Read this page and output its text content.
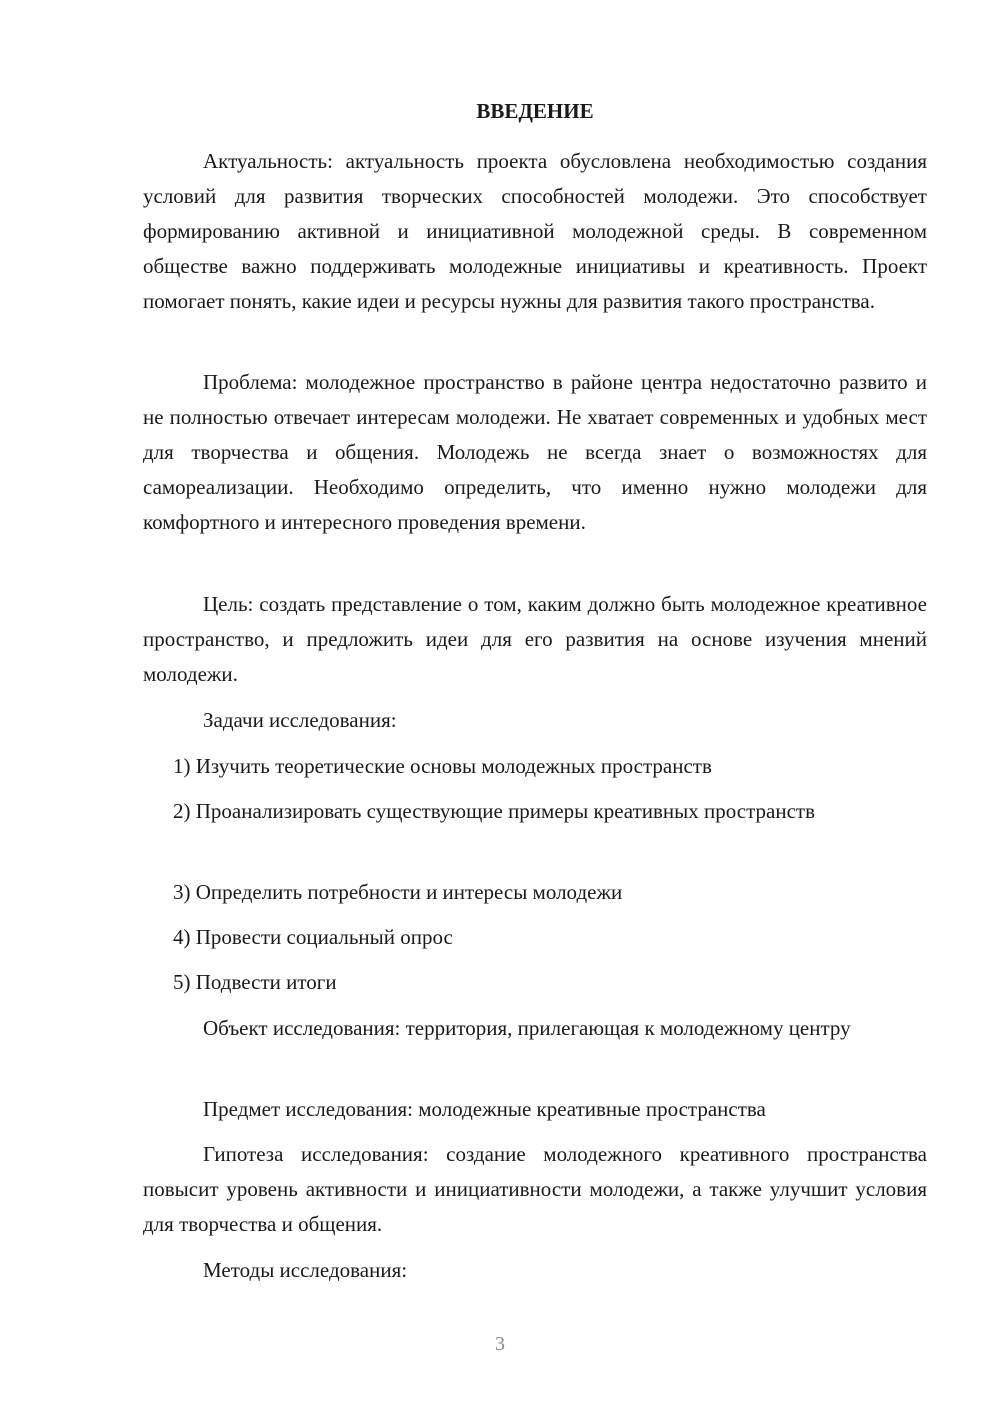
ВВЕДЕНИЕ

Актуальность: актуальность проекта обусловлена необходимостью создания условий для развития творческих способностей молодежи. Это способствует формированию активной и инициативной молодежной среды. В современном обществе важно поддерживать молодежные инициативы и креативность. Проект помогает понять, какие идеи и ресурсы нужны для развития такого пространства.

Проблема: молодежное пространство в районе центра недостаточно развито и не полностью отвечает интересам молодежи. Не хватает современных и удобных мест для творчества и общения. Молодежь не всегда знает о возможностях для самореализации. Необходимо определить, что именно нужно молодежи для комфортного и интересного проведения времени.

Цель: создать представление о том, каким должно быть молодежное креативное пространство, и предложить идеи для его развития на основе изучения мнений молодежи.

Задачи исследования:

1) Изучить теоретические основы молодежных пространств

2) Проанализировать существующие примеры креативных пространств

3) Определить потребности и интересы молодежи

4) Провести социальный опрос

5) Подвести итоги

Объект исследования: территория, прилегающая к молодежному центру

Предмет исследования: молодежные креативные пространства

Гипотеза исследования: создание молодежного креативного пространства повысит уровень активности и инициативности молодежи, а также улучшит условия для творчества и общения.

Методы исследования:

3
